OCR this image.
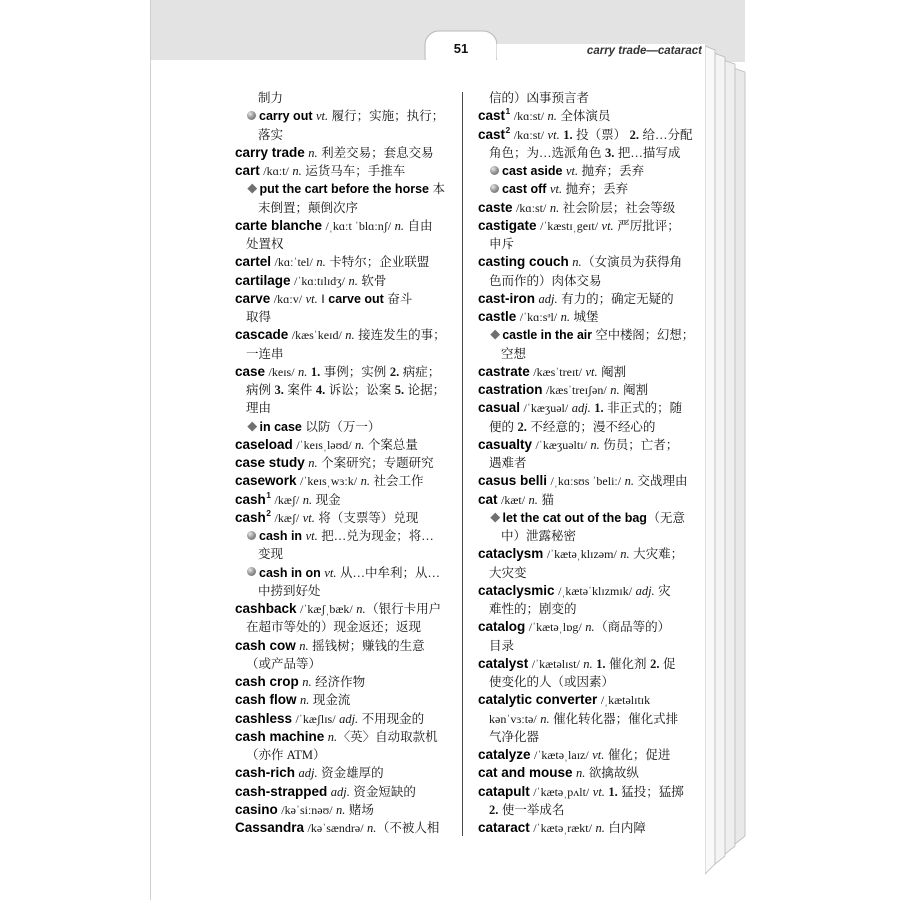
51	carry trade—cataract
制力
carry out vt. 履行；实施；执行；
落实
carry trade n. 利差交易；套息交易
cart /kɑːt/ n. 运货马车；手推车
put the cart before the horse 本
末倒置；颠倒次序
carte blanche /ˌkɑːt ˈblɑːnʃ/ n. 自由
处置权
cartel /kɑːˈtel/ n. 卡特尔；企业联盟
cartilage /ˈkɑːtɪlɪdʒ/ n. 软骨
carve /kɑːv/ vt. ‖ carve out 奋斗
取得
cascade /kæsˈkeɪd/ n. 接连发生的事；
一连串
case /keɪs/ n. 1. 事例；实例 2. 病症；
病例 3. 案件 4. 诉讼；讼案 5. 论据；
理由
in case 以防（万一）
caseload /ˈkeɪsˌləʊd/ n. 个案总量
case study n. 个案研究；专题研究
casework /ˈkeɪsˌwɜːk/ n. 社会工作
cash$^1$ /kæʃ/ n. 现金
cash$^2$ /kæʃ/ vt. 将（支票等）兑现
cash in vt. 把…兑为现金；将…
变现
cash in on vt. 从…中牟利；从…
中捞到好处
cashback /ˈkæʃˌbæk/ n.（银行卡用户
在超市等处的）现金返还；返现
cash cow n. 摇钱树；赚钱的生意
（或产品等）
cash crop n. 经济作物
cash flow n. 现金流
cashless /ˈkæʃlɪs/ adj. 不用现金的
cash machine n.〈英〉自动取款机
（亦作 ATM）
cash-rich adj. 资金雄厚的
cash-strapped adj. 资金短缺的
casino /kəˈsiːnəʊ/ n. 赌场
Cassandra /kəˈsændrə/ n.（不被人相
信的）凶事预言者
cast$^1$ /kɑːst/ n. 全体演员
cast$^2$ /kɑːst/ vt. 1. 投（票） 2. 给…分配
角色；为…选派角色 3. 把…描写成
cast aside vt. 抛弃；丢弃
cast off vt. 抛弃；丢弃
caste /kɑːst/ n. 社会阶层；社会等级
castigate /ˈkæstɪˌgeɪt/ vt. 严厉批评；
申斥
casting couch n.（女演员为获得角
色而作的）肉体交易
cast-iron adj. 有力的；确定无疑的
castle /ˈkɑːsᵊl/ n. 城堡
castle in the air 空中楼阁；幻想；
空想
castrate /kæsˈtreɪt/ vt. 阉割
castration /kæsˈtreɪʃən/ n. 阉割
casual /ˈkæʒuəl/ adj. 1. 非正式的；随
便的 2. 不经意的；漫不经心的
casualty /ˈkæʒuəltɪ/ n. 伤员；亡者；
遇难者
casus belli /ˌkɑːsʊs ˈbeliː/ n. 交战理由
cat /kæt/ n. 猫
let the cat out of the bag（无意
中）泄露秘密
cataclysm /ˈkætəˌklɪzəm/ n. 大灾难；
大灾变
cataclysmic /ˌkætəˈklɪzmɪk/ adj. 灾
难性的；剧变的
catalog /ˈkætəˌlɒg/ n.（商品等的）
目录
catalyst /ˈkætəlɪst/ n. 1. 催化剂 2. 促
使变化的人（或因素）
catalytic converter /ˌkætəlɪtɪk
kənˈvɜːtə/ n. 催化转化器；催化式排
气净化器
catalyze /ˈkætəˌlaɪz/ vt. 催化；促进
cat and mouse n. 欲擒故纵
catapult /ˈkætəˌpʌlt/ vt. 1. 猛投；猛掷
2. 使一举成名
cataract /ˈkætəˌrækt/ n. 白内障
